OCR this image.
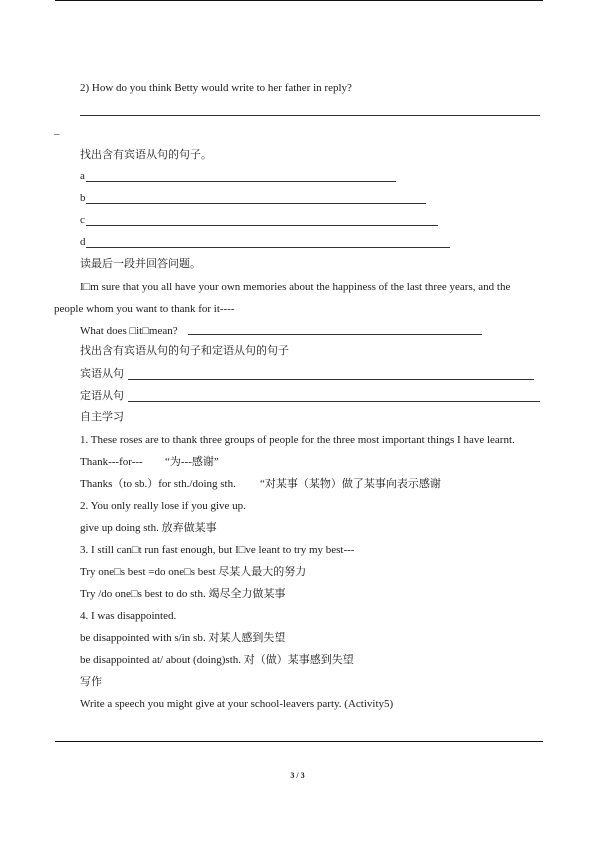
2) How do you think Betty would write to her father in reply?
–
找出含有宾语从句的句子。
a
b
c
d
读最后一段并回答问题。
I□m sure that you all have your own memories about the happiness of the last three years, and the
people whom you want to thank for it----
What does □it□mean?
找出含有宾语从句的句子和定语从句的句子
宾语从句
定语从句
自主学习
1. These roses are to thank three groups of people for the three most important things I have learnt.
Thank---for--- “为---感谢”
Thanks（to sb.）for sth./doing sth. “对某事（某物）做了某事向表示感谢
2. You only really lose if you give up.
give up doing sth. 放弃做某事
3. I still can□t run fast enough, but I□ve leant to try my best---
Try one□s best =do one□s best 尽某人最大的努力
Try /do one□s best to do sth. 竭尽全力做某事
4. I was disappointed.
be disappointed with s/in sb. 对某人感到失望
be disappointed at/ about (doing)sth. 对（做）某事感到失望
写作
Write a speech you might give at your school-leavers party. (Activity5)
3 / 3
